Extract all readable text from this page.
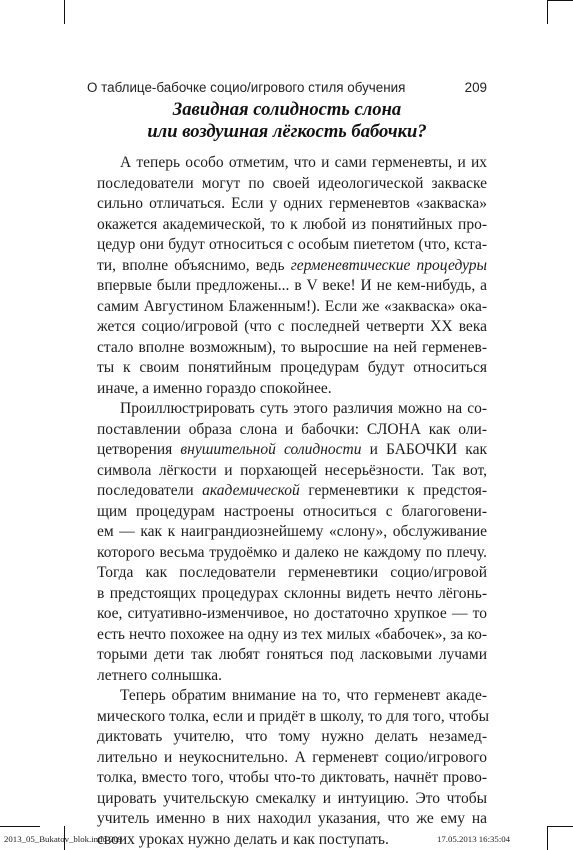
О таблице-бабочке социо/игрового стиля обучения	209
Завидная солидность слона
или воздушная лёгкость бабочки?

А теперь особо отметим, что и сами герменевты, и их
последователи могут по своей идеологической закваске
сильно отличаться. Если у одних герменевтов «закваска»
окажется академической, то к любой из понятийных про-
цедур они будут относиться с особым пиететом (что, кста-
ти, вполне объяснимо, ведь герменевтические процедуры
впервые были предложены... в V веке! И не кем-нибудь, а
самим Августином Блаженным!). Если же «закваска» ока-
жется социо/игровой (что с последней четверти XX века
стало вполне возможным), то выросшие на ней герменев-
ты к своим понятийным процедурам будут относиться
иначе, а именно гораздо спокойнее.

Проиллюстрировать суть этого различия можно на со-
поставлении образа слона и бабочки: СЛОНА как оли-
цетворения внушительной солидности и БАБОЧКИ как
символа лёгкости и порхающей несерьёзности. Так вот,
последователи академической герменевтики к предстоя-
щим процедурам настроены относиться с благоговени-
ем — как к наиграндиознейшему «слону», обслуживание
которого весьма трудоёмко и далеко не каждому по плечу.
Тогда как последователи герменевтики социо/игровой
в предстоящих процедурах склонны видеть нечто лёгонь-
кое, ситуативно-изменчивое, но достаточно хрупкое — то
есть нечто похожее на одну из тех милых «бабочек», за ко-
торыми дети так любят гоняться под ласковыми лучами
летнего солнышка.

Теперь обратим внимание на то, что герменевт акаде-
мического толка, если и придёт в школу, то для того, чтобы
диктовать учителю, что тому нужно делать незамед-
лительно и неукоснительно. А герменевт социо/игрового
толка, вместо того, чтобы что-то диктовать, начнёт прово-
цировать учительскую смекалку и интуицию. Это чтобы
учитель именно в них находил указания, что же ему на
своих уроках нужно делать и как поступать.

2013_05_Bukatov_blok.indd 209	17.05.2013 16:35:04
